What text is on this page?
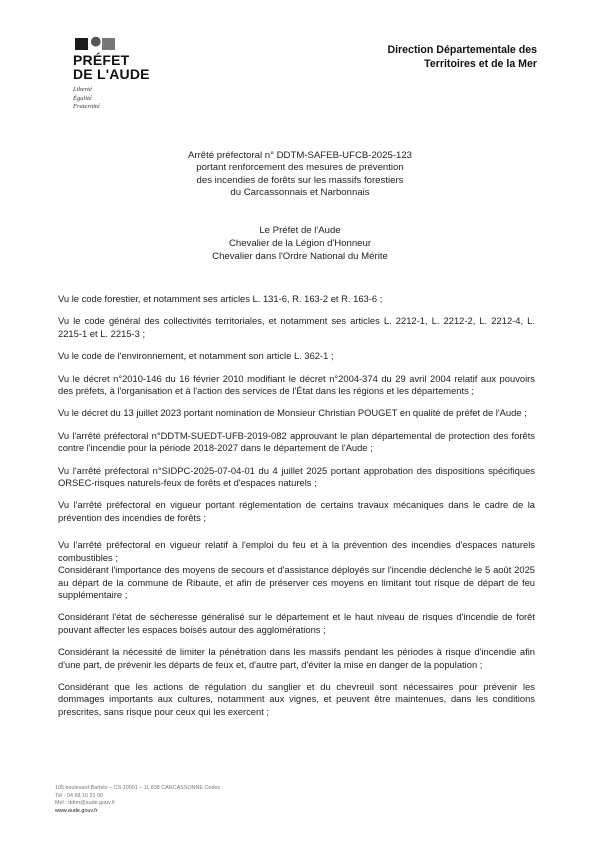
PRÉFET
DE L'AUDE
Liberté
Égalité
Fraternité
Direction Départementale des
Territoires et de la Mer
Arrêté préfectoral n° DDTM-SAFEB-UFCB-2025-123
portant renforcement des mesures de prévention
des incendies de forêts sur les massifs forestiers
du Carcassonnais et Narbonnais
Le Préfet de l'Aude
Chevalier de la Légion d'Honneur
Chevalier dans l'Ordre National du Mérite

Vu le code forestier, et notamment ses articles L. 131-6, R. 163-2 et R. 163-6 ;

Vu le code général des collectivités territoriales, et notamment ses articles L. 2212-1, L. 2212-2, L. 2212-4, L. 2215-1 et L. 2215-3 ;

Vu le code de l'environnement, et notamment son article L. 362-1 ;

Vu le décret n°2010-146 du 16 février 2010 modifiant le décret n°2004-374 du 29 avril 2004 relatif aux pouvoirs des préfets, à l'organisation et à l'action des services de l'État dans les régions et les départements ;

Vu le décret du 13 juillet 2023 portant nomination de Monsieur Christian POUGET en qualité de préfet de l'Aude ;

Vu l'arrêté préfectoral n°DDTM-SUEDT-UFB-2019-082 approuvant le plan départemental de protection des forêts contre l'incendie pour la période 2018-2027 dans le département de l'Aude ;

Vu l'arrêté préfectoral n°SIDPC-2025-07-04-01 du 4 juillet 2025 portant approbation des dispositions spécifiques ORSEC-risques naturels-feux de forêts et d'espaces naturels ;

Vu l'arrêté préfectoral en vigueur portant réglementation de certains travaux mécaniques dans le cadre de la prévention des incendies de forêts ;

Vu l'arrêté préfectoral en vigueur relatif à l'emploi du feu et à la prévention des incendies d'espaces naturels combustibles ;

Considérant l'importance des moyens de secours et d'assistance déployés sur l'incendie déclenché le 5 août 2025 au départ de la commune de Ribaute, et afin de préserver ces moyens en limitant tout risque de départ de feu supplémentaire ;

Considérant l'état de sécheresse généralisé sur le département et le haut niveau de risques d'incendie de forêt pouvant affecter les espaces boisés autour des agglomérations ;

Considérant la nécessité de limiter la pénétration dans les massifs pendant les périodes à risque d'incendie afin d'une part, de prévenir les départs de feux et, d'autre part, d'éviter la mise en danger de la population ;

Considérant que les actions de régulation du sanglier et du chevreuil sont nécessaires pour prévenir les dommages importants aux cultures, notamment aux vignes, et peuvent être maintenues, dans les conditions prescrites, sans risque pour ceux qui les exercent ;

105 boulevard Barbès – CS 10001 – 11 838 CARCASSONNE Cedex
Tél : 04 68 10 31 00
Mél : ddtm@aude.gouv.fr
www.aude.gouv.fr
